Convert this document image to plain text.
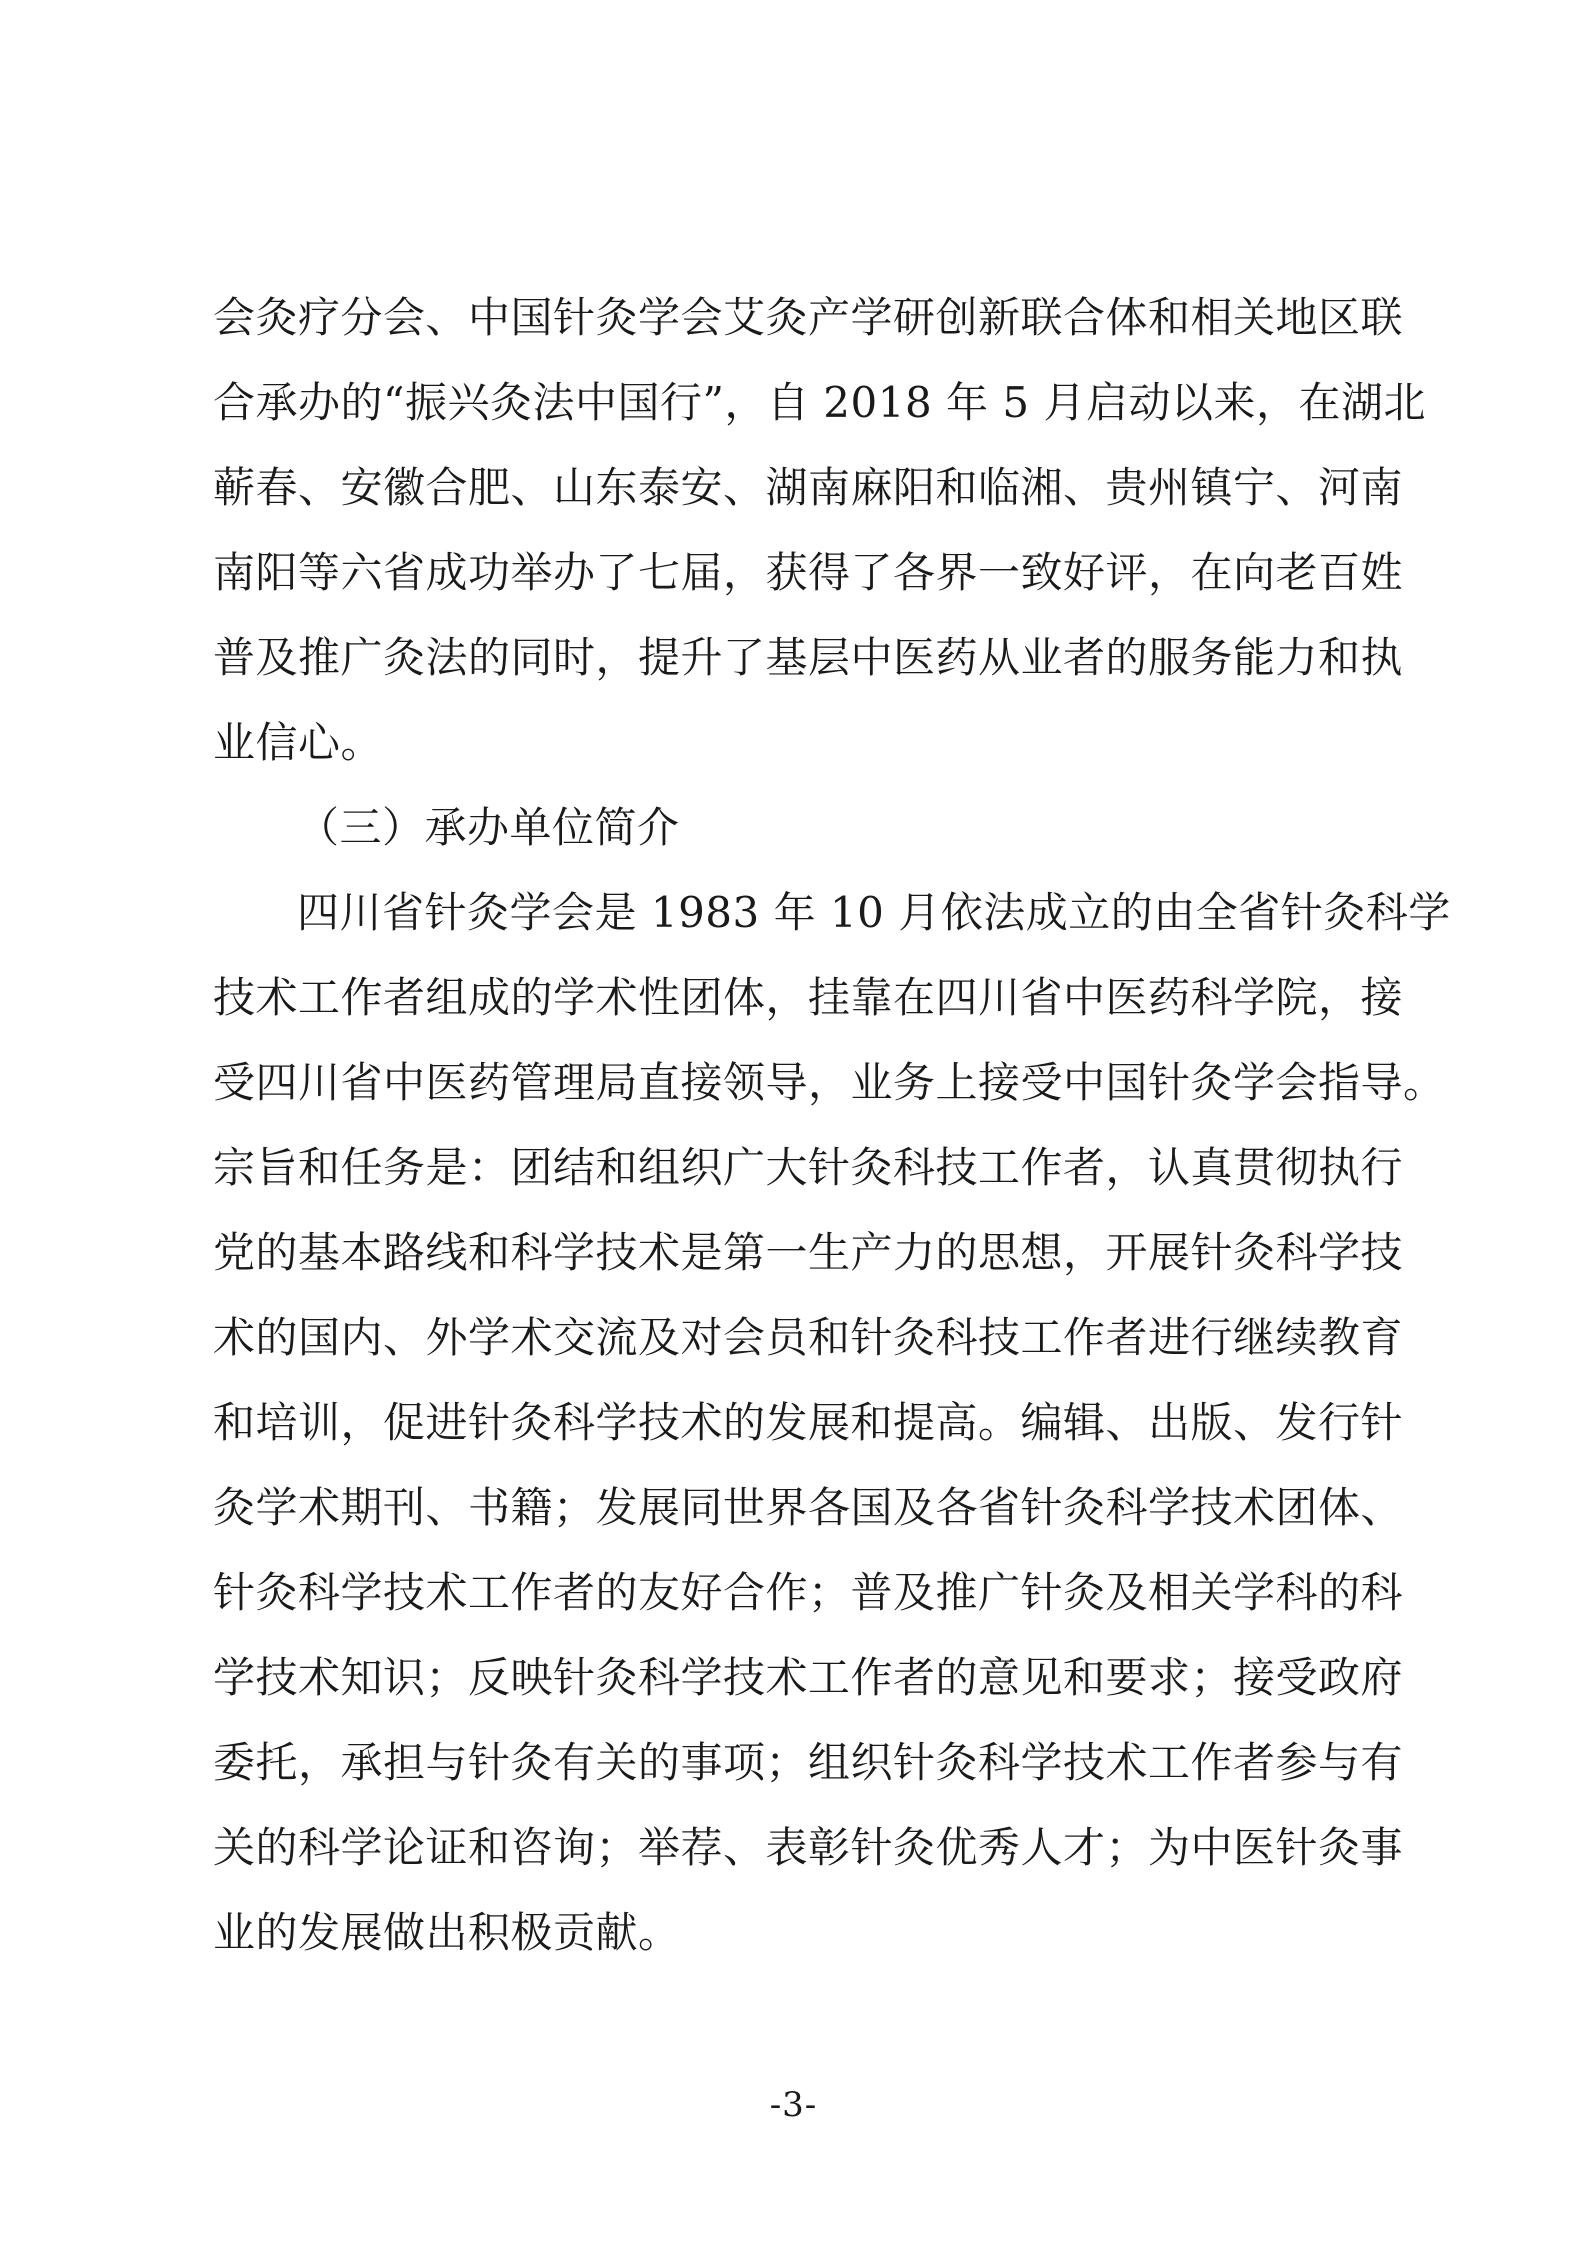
会灸疗分会、中国针灸学会艾灸产学研创新联合体和相关地区联
合承办的“振兴灸法中国行”，自 2018 年 5 月启动以来，在湖北
蕲春、安徽合肥、山东泰安、湖南麻阳和临湘、贵州镇宁、河南
南阳等六省成功举办了七届，获得了各界一致好评，在向老百姓
普及推广灸法的同时，提升了基层中医药从业者的服务能力和执
业信心。
（三）承办单位简介
四川省针灸学会是 1983 年 10 月依法成立的由全省针灸科学
技术工作者组成的学术性团体，挂靠在四川省中医药科学院，接
受四川省中医药管理局直接领导，业务上接受中国针灸学会指导。
宗旨和任务是：团结和组织广大针灸科技工作者，认真贯彻执行
党的基本路线和科学技术是第一生产力的思想，开展针灸科学技
术的国内、外学术交流及对会员和针灸科技工作者进行继续教育
和培训，促进针灸科学技术的发展和提高。编辑、出版、发行针
灸学术期刊、书籍；发展同世界各国及各省针灸科学技术团体、
针灸科学技术工作者的友好合作；普及推广针灸及相关学科的科
学技术知识；反映针灸科学技术工作者的意见和要求；接受政府
委托，承担与针灸有关的事项；组织针灸科学技术工作者参与有
关的科学论证和咨询；举荐、表彰针灸优秀人才；为中医针灸事
业的发展做出积极贡献。
-3-
